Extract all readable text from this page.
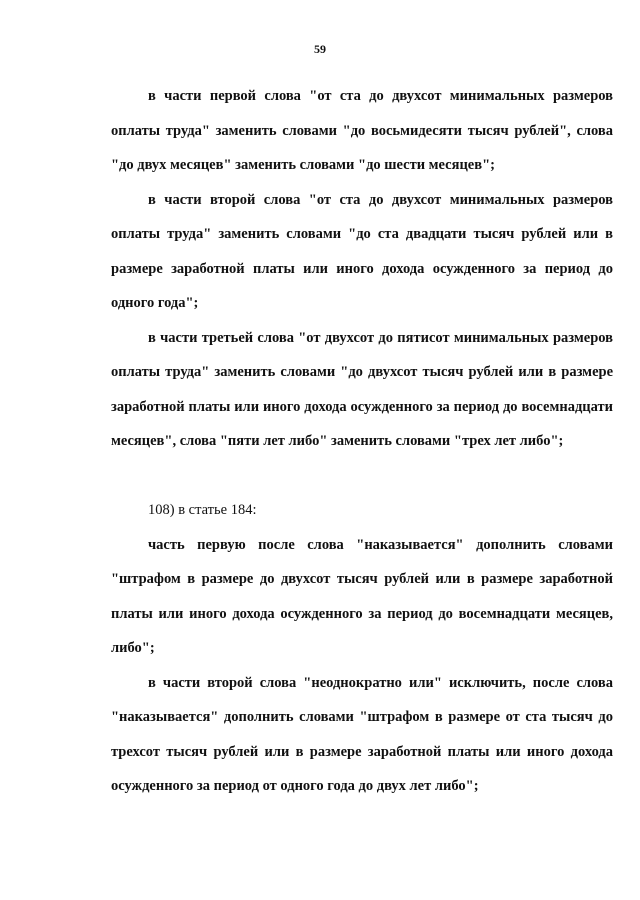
59

в части первой слова "от ста до двухсот минимальных размеров оплаты труда" заменить словами "до восьмидесяти тысяч рублей", слова "до двух месяцев" заменить словами "до шести месяцев";

в части второй слова "от ста до двухсот минимальных размеров оплаты труда" заменить словами "до ста двадцати тысяч рублей или в размере заработной платы или иного дохода осужденного за период до одного года";

в части третьей слова "от двухсот до пятисот минимальных размеров оплаты труда" заменить словами "до двухсот тысяч рублей или в размере заработной платы или иного дохода осужденного за период до восемнадцати месяцев", слова "пяти лет либо" заменить словами "трех лет либо";

108) в статье 184:

часть первую после слова "наказывается" дополнить словами "штрафом в размере до двухсот тысяч рублей или в размере заработной платы или иного дохода осужденного за период до восемнадцати месяцев, либо";

в части второй слова "неоднократно или" исключить, после слова "наказывается" дополнить словами "штрафом в размере от ста тысяч до трехсот тысяч рублей или в размере заработной платы или иного дохода осужденного за период от одного года до двух лет либо";
